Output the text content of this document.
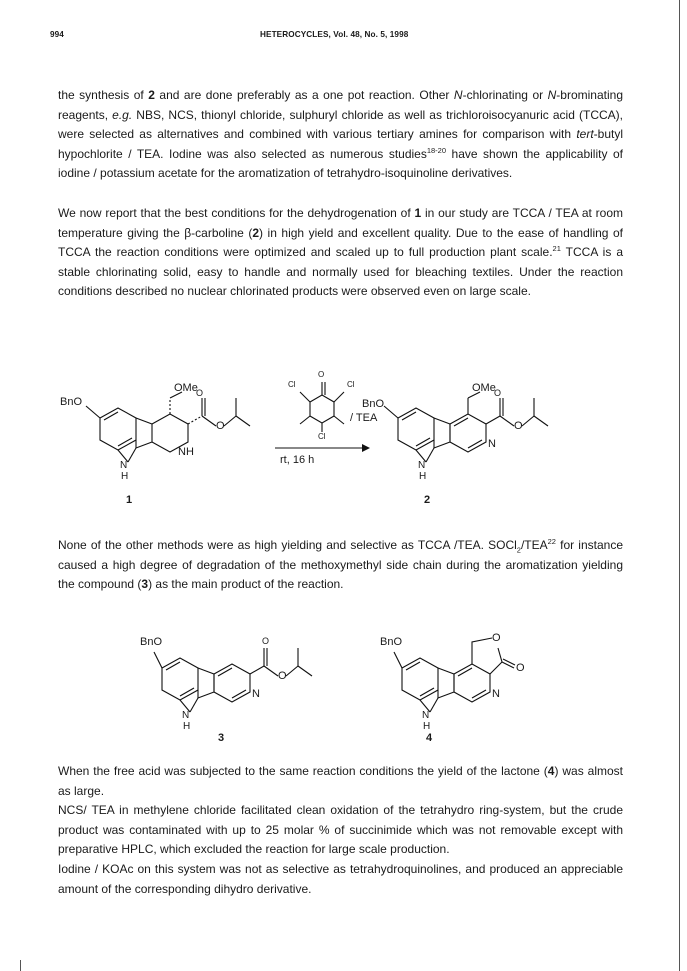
994	HETEROCYCLES, Vol. 48, No. 5, 1998

the synthesis of 2 and are done preferably as a one pot reaction. Other N-chlorinating or N-brominating reagents, e.g. NBS, NCS, thionyl chloride, sulphuryl chloride as well as trichloroisocyanuric acid (TCCA), were selected as alternatives and combined with various tertiary amines for comparison with tert-butyl hypochlorite / TEA. Iodine was also selected as numerous studies$^{18-20}$ have shown the applicability of iodine / potassium acetate for the aromatization of tetrahydro-isoquinoline derivatives.

We now report that the best conditions for the dehydrogenation of 1 in our study are TCCA / TEA at room temperature giving the β-carboline (2) in high yield and excellent quality. Due to the ease of handling of TCCA the reaction conditions were optimized and scaled up to full production plant scale.$^{21}$ TCCA is a stable chlorinating solid, easy to handle and normally used for bleaching textiles. Under the reaction conditions described no nuclear chlorinated products were observed even on large scale.

BnO
OMe
O
O
NH
N
H
1
Cl	Cl
Cl
O
/ TEA
rt, 16 h
BnO
OMe
O
O
N
N
H
2

None of the other methods were as high yielding and selective as TCCA /TEA. $SOCl_2/TEA^{22}$ for instance caused a high degree of degradation of the methoxymethyl side chain during the aromatization yielding the compound (3) as the main product of the reaction.

BnO	O
O
N
N
H
3
BnO	O
O
N
N
H
4

When the free acid was subjected to the same reaction conditions the yield of the lactone (4) was almost as large.

NCS/ TEA in methylene chloride facilitated clean oxidation of the tetrahydro ring-system, but the crude product was contaminated with up to 25 molar % of succinimide which was not removable except with preparative HPLC, which excluded the reaction for large scale production.

Iodine / KOAc on this system was not as selective as tetrahydroquinolines, and produced an appreciable amount of the corresponding dihydro derivative.
